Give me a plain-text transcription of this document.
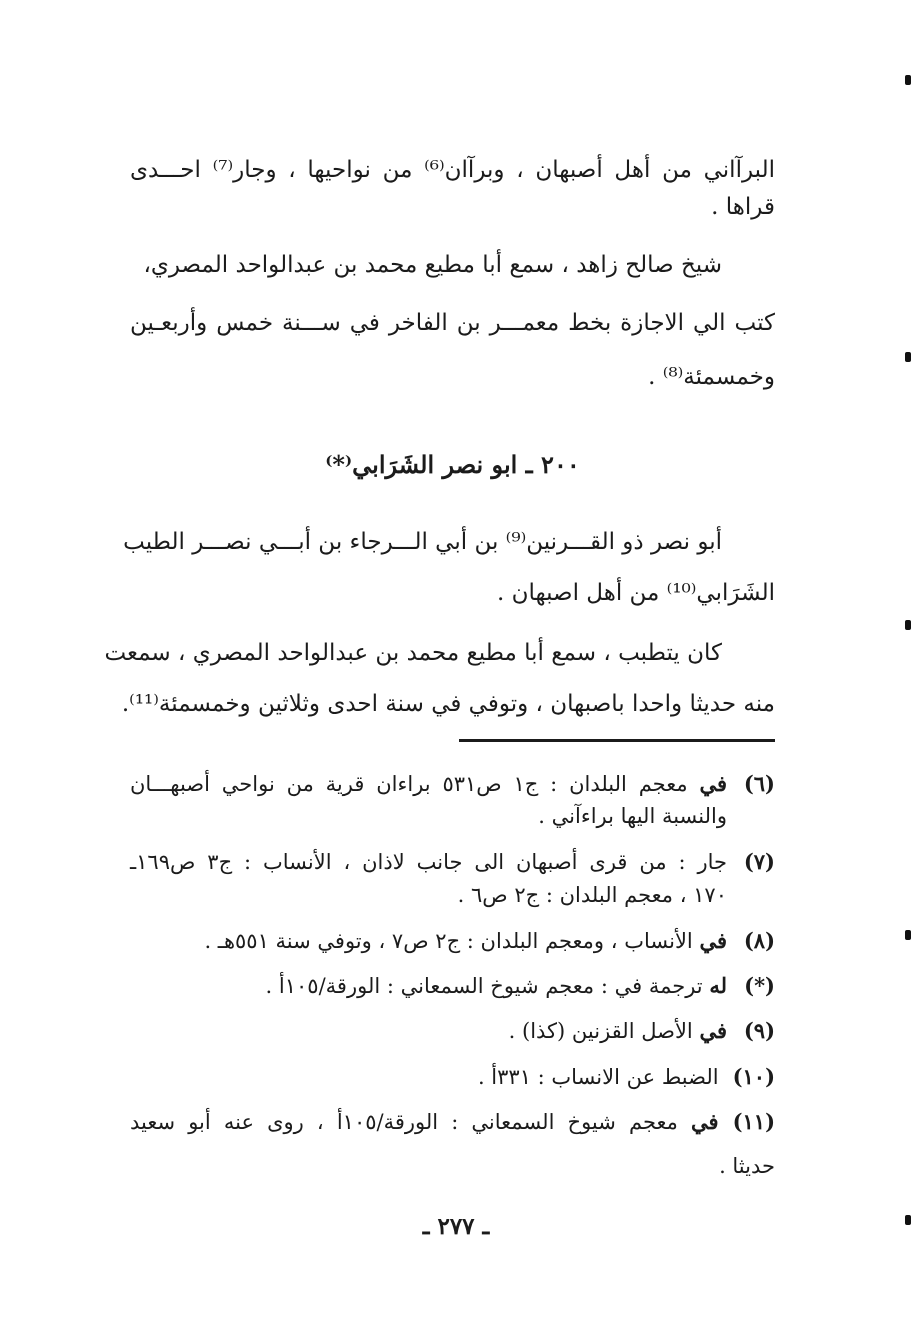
البرآاني من أهل أصبهان ، وبرآان⁽⁶⁾ من نواحيها ، وجار⁽⁷⁾ احـــدى
قراها .
شيخ صالح زاهد ، سمع أبا مطيع محمد بن عبدالواحد المصري،
كتب الي الاجازة بخط معمـــر بن الفاخر في ســـنة خمس وأربعـين
وخمسمئة⁽⁸⁾ .
٢٠٠ ـ ابو نصر الشَرَابي⁽*⁾
أبو نصر ذو القـــرنين⁽⁹⁾ بن أبي الـــرجاء بن أبـــي نصـــر الطيب
الشَرَابي⁽¹⁰⁾ من أهل اصبهان .
كان يتطبب ، سمع أبا مطيع محمد بن عبدالواحد المصري ، سمعت
منه حديثا واحدا باصبهان ، وتوفي في سنة احدى وثلاثين وخمسمئة⁽¹¹⁾.
(٦)في معجم البلدان : ج١ ص٥٣١ براءان قرية من نواحي أصبهـــان
والنسبة اليها براءآني .
(٧)جار : من قرى أصبهان الى جانب لاذان ، الأنساب : ج٣ ص١٦٩ـ
١٧٠ ، معجم البلدان : ج٢ ص٦ .
(٨)في الأنساب ، ومعجم البلدان : ج٢ ص٧ ، وتوفي سنة ٥٥١هـ .
(*)له ترجمة في : معجم شيوخ السمعاني : الورقة/١٠٥أ .
(٩)في الأصل القزنين (كذا) .
(١٠)الضبط عن الانساب : ٣٣١أ .
(١١)في معجم شيوخ السمعاني : الورقة/١٠٥أ ، روى عنه أبو سعيد
حديثا .
ـ ٢٧٧ ـ
